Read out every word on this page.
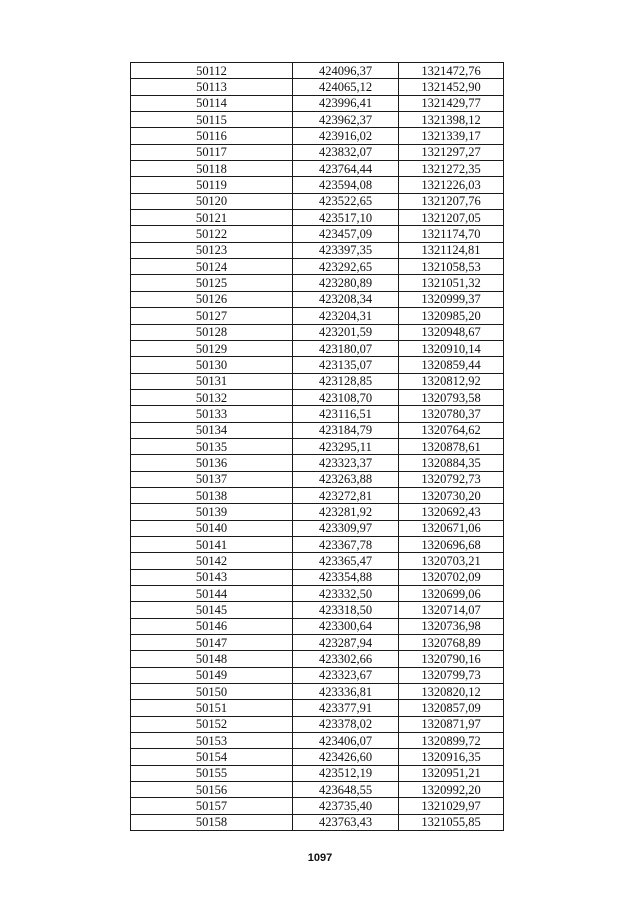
50112	424096,37	1321472,76
50113	424065,12	1321452,90
50114	423996,41	1321429,77
50115	423962,37	1321398,12
50116	423916,02	1321339,17
50117	423832,07	1321297,27
50118	423764,44	1321272,35
50119	423594,08	1321226,03
50120	423522,65	1321207,76
50121	423517,10	1321207,05
50122	423457,09	1321174,70
50123	423397,35	1321124,81
50124	423292,65	1321058,53
50125	423280,89	1321051,32
50126	423208,34	1320999,37
50127	423204,31	1320985,20
50128	423201,59	1320948,67
50129	423180,07	1320910,14
50130	423135,07	1320859,44
50131	423128,85	1320812,92
50132	423108,70	1320793,58
50133	423116,51	1320780,37
50134	423184,79	1320764,62
50135	423295,11	1320878,61
50136	423323,37	1320884,35
50137	423263,88	1320792,73
50138	423272,81	1320730,20
50139	423281,92	1320692,43
50140	423309,97	1320671,06
50141	423367,78	1320696,68
50142	423365,47	1320703,21
50143	423354,88	1320702,09
50144	423332,50	1320699,06
50145	423318,50	1320714,07
50146	423300,64	1320736,98
50147	423287,94	1320768,89
50148	423302,66	1320790,16
50149	423323,67	1320799,73
50150	423336,81	1320820,12
50151	423377,91	1320857,09
50152	423378,02	1320871,97
50153	423406,07	1320899,72
50154	423426,60	1320916,35
50155	423512,19	1320951,21
50156	423648,55	1320992,20
50157	423735,40	1321029,97
50158	423763,43	1321055,85
1097
